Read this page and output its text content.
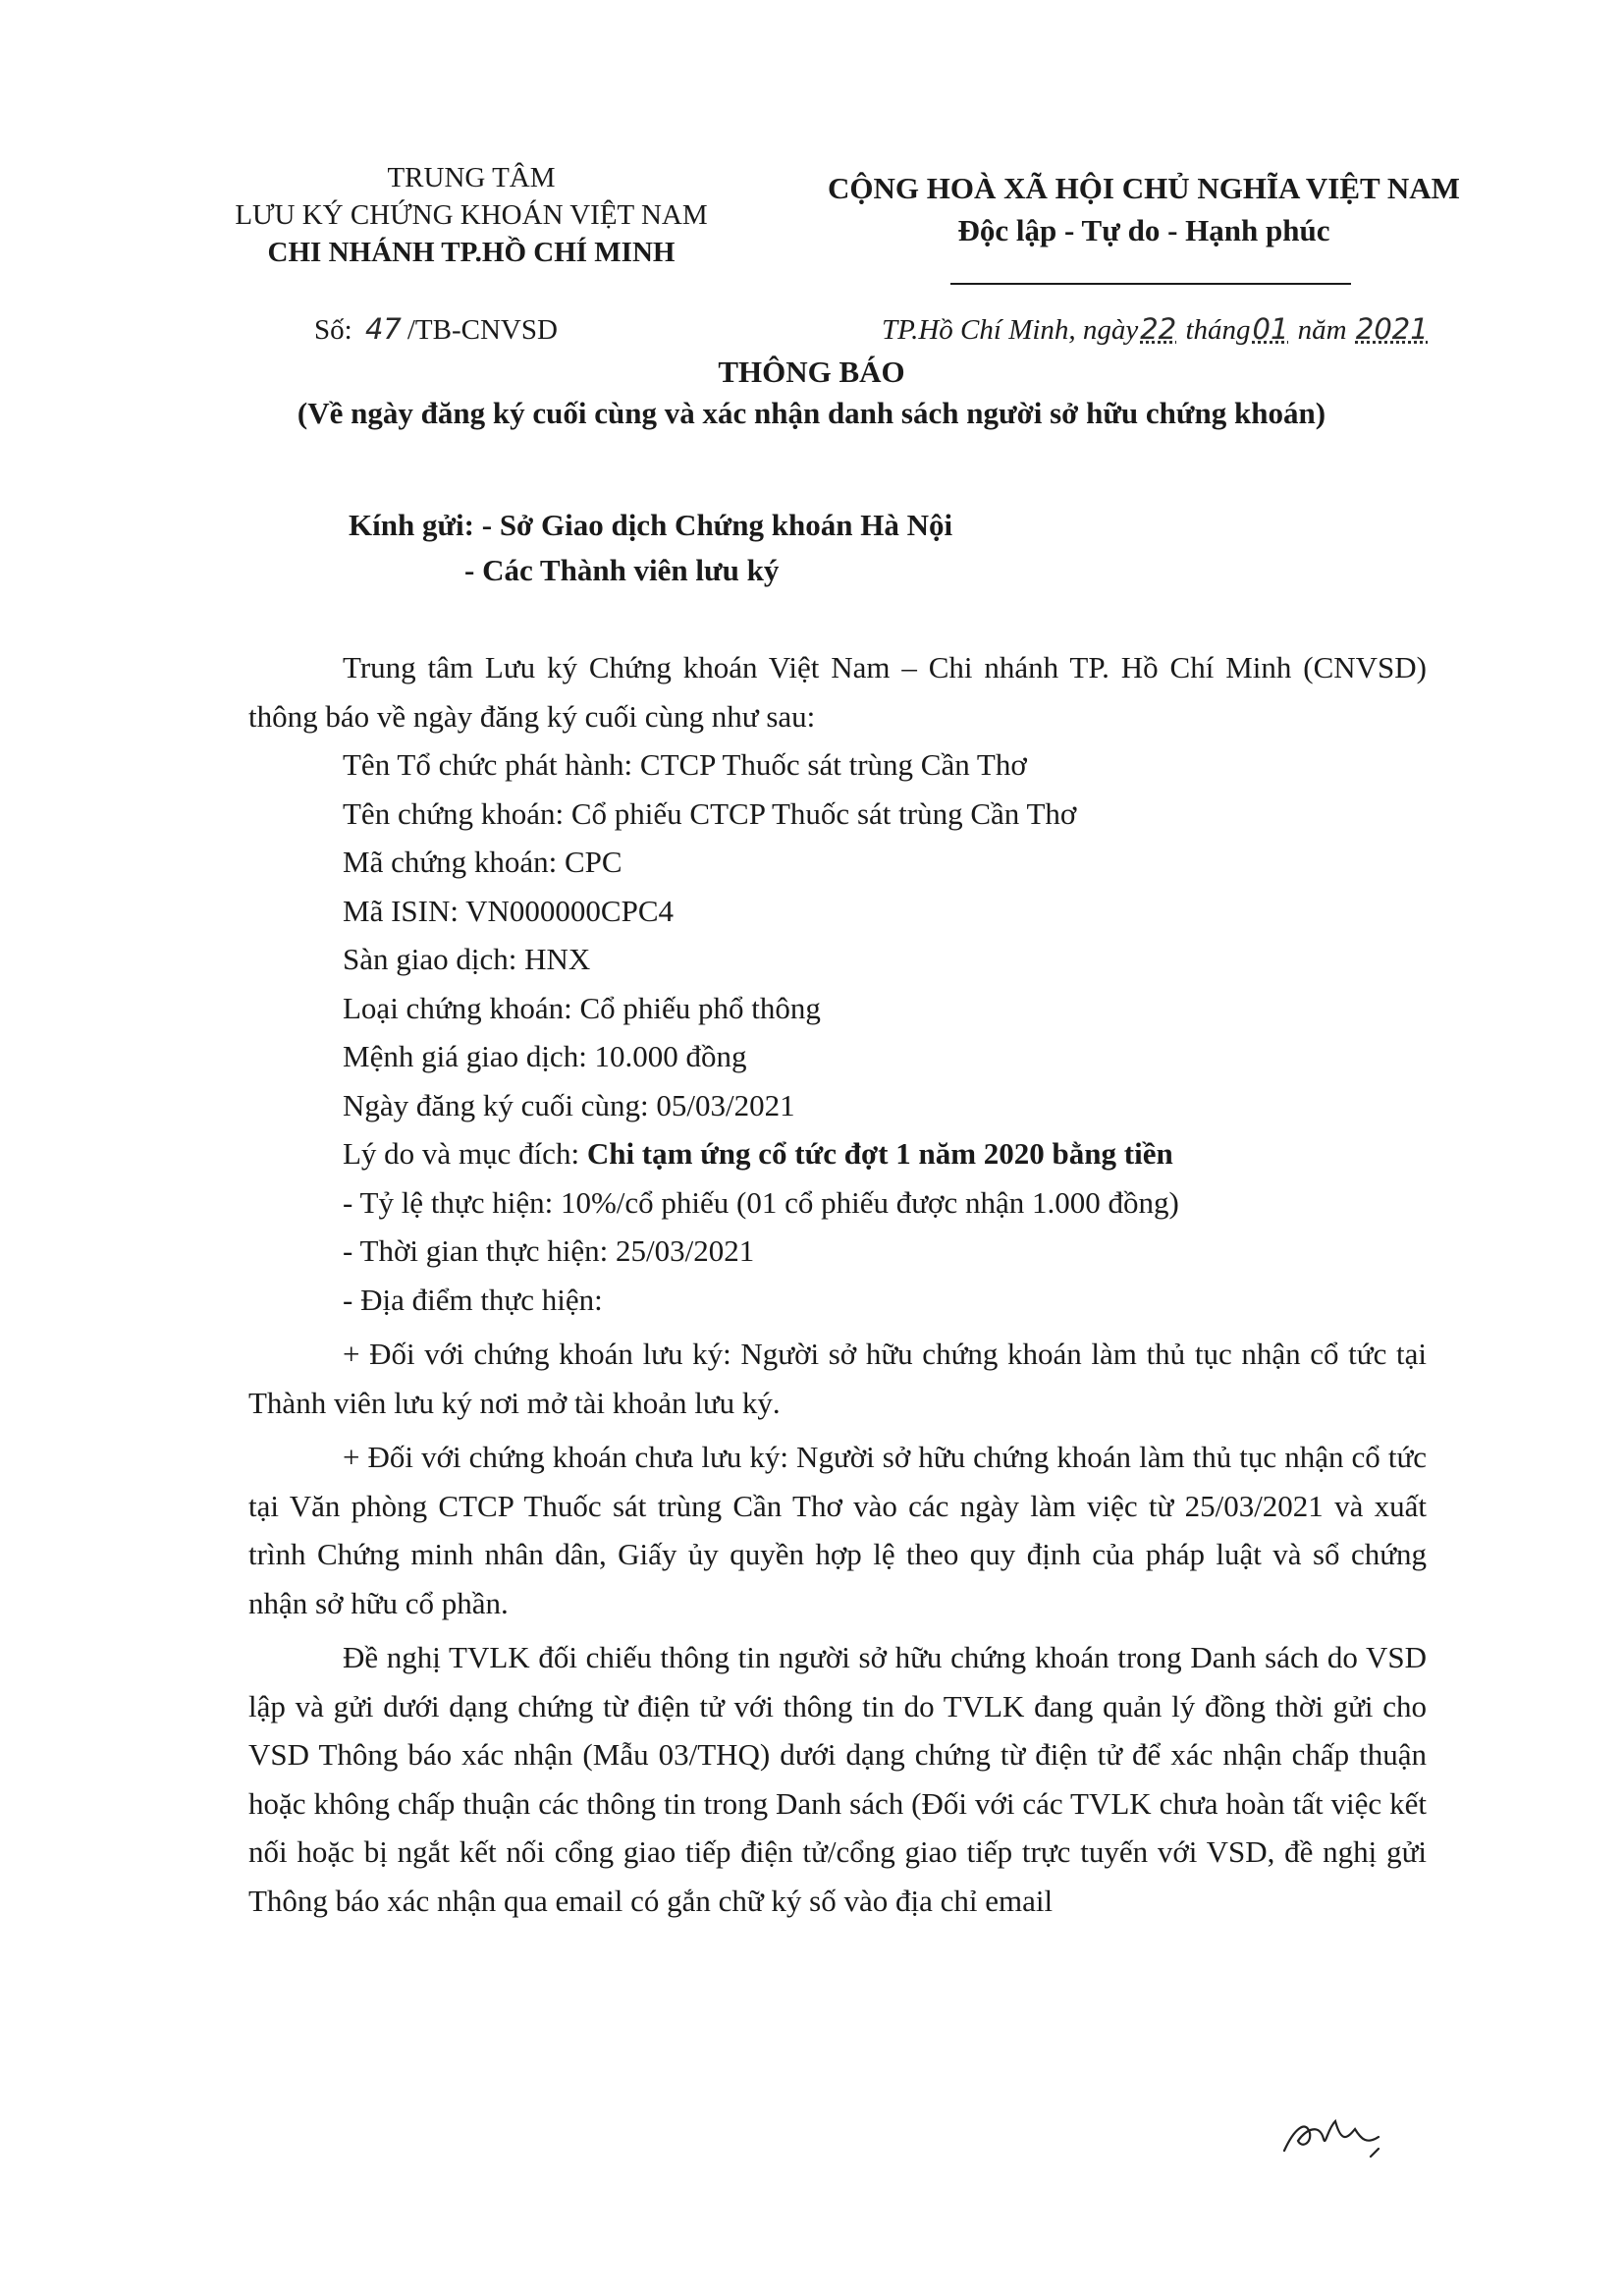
TRUNG TÂM
LƯU KÝ CHỨNG KHOÁN VIỆT NAM
CHI NHÁNH TP.HỒ CHÍ MINH
CỘNG HOÀ XÃ HỘI CHỦ NGHĨA VIỆT NAM
Độc lập - Tự do - Hạnh phúc
Số: 47 /TB-CNVSD	TP.Hồ Chí Minh, ngày22 tháng01 năm 2021
THÔNG BÁO
(Về ngày đăng ký cuối cùng và xác nhận danh sách người sở hữu chứng khoán)
Kính gửi: - Sở Giao dịch Chứng khoán Hà Nội
- Các Thành viên lưu ký

Trung tâm Lưu ký Chứng khoán Việt Nam – Chi nhánh TP. Hồ Chí Minh (CNVSD) thông báo về ngày đăng ký cuối cùng như sau:

Tên Tổ chức phát hành: CTCP Thuốc sát trùng Cần Thơ

Tên chứng khoán: Cổ phiếu CTCP Thuốc sát trùng Cần Thơ

Mã chứng khoán: CPC

Mã ISIN: VN000000CPC4

Sàn giao dịch: HNX

Loại chứng khoán: Cổ phiếu phổ thông

Mệnh giá giao dịch: 10.000 đồng

Ngày đăng ký cuối cùng: 05/03/2021

Lý do và mục đích: Chi tạm ứng cổ tức đợt 1 năm 2020 bằng tiền

- Tỷ lệ thực hiện: 10%/cổ phiếu (01 cổ phiếu được nhận 1.000 đồng)

- Thời gian thực hiện: 25/03/2021

- Địa điểm thực hiện:

+ Đối với chứng khoán lưu ký: Người sở hữu chứng khoán làm thủ tục nhận cổ tức tại Thành viên lưu ký nơi mở tài khoản lưu ký.

+ Đối với chứng khoán chưa lưu ký: Người sở hữu chứng khoán làm thủ tục nhận cổ tức tại Văn phòng CTCP Thuốc sát trùng Cần Thơ vào các ngày làm việc từ 25/03/2021 và xuất trình Chứng minh nhân dân, Giấy ủy quyền hợp lệ theo quy định của pháp luật và sổ chứng nhận sở hữu cổ phần.

Đề nghị TVLK đối chiếu thông tin người sở hữu chứng khoán trong Danh sách do VSD lập và gửi dưới dạng chứng từ điện tử với thông tin do TVLK đang quản lý đồng thời gửi cho VSD Thông báo xác nhận (Mẫu 03/THQ) dưới dạng chứng từ điện tử để xác nhận chấp thuận hoặc không chấp thuận các thông tin trong Danh sách (Đối với các TVLK chưa hoàn tất việc kết nối hoặc bị ngắt kết nối cổng giao tiếp điện tử/cổng giao tiếp trực tuyến với VSD, đề nghị gửi Thông báo xác nhận qua email có gắn chữ ký số vào địa chỉ email
